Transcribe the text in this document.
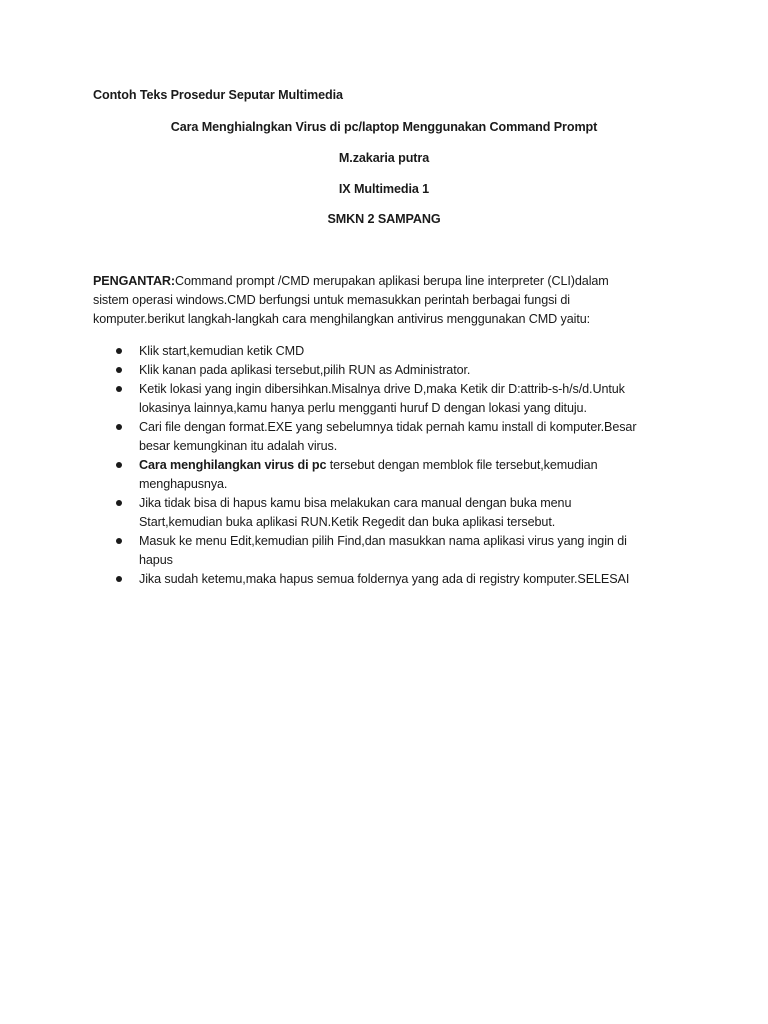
Contoh Teks Prosedur Seputar Multimedia
Cara Menghialngkan Virus di pc/laptop Menggunakan Command Prompt
M.zakaria putra
IX Multimedia 1
SMKN 2 SAMPANG

PENGANTAR:Command prompt /CMD merupakan aplikasi berupa line interpreter (CLI)dalam

sistem operasi windows.CMD berfungsi untuk memasukkan perintah berbagai fungsi di

komputer.berikut langkah-langkah cara menghilangkan antivirus menggunakan CMD yaitu:

Klik start,kemudian ketik CMD
Klik kanan pada aplikasi tersebut,pilih RUN as Administrator.
Ketik lokasi yang ingin dibersihkan.Misalnya drive D,maka Ketik dir D:attrib-s-h/s/d.Untuk
lokasinya lainnya,kamu hanya perlu mengganti huruf D dengan lokasi yang dituju.
Cari file dengan format.EXE yang sebelumnya tidak pernah kamu install di komputer.Besar
besar kemungkinan itu adalah virus.
Cara menghilangkan virus di pc tersebut dengan memblok file tersebut,kemudian
menghapusnya.
Jika tidak bisa di hapus kamu bisa melakukan cara manual dengan buka menu
Start,kemudian buka aplikasi RUN.Ketik Regedit dan buka aplikasi tersebut.
Masuk ke menu Edit,kemudian pilih Find,dan masukkan nama aplikasi virus yang ingin di
hapus
Jika sudah ketemu,maka hapus semua foldernya yang ada di registry komputer.SELESAI
